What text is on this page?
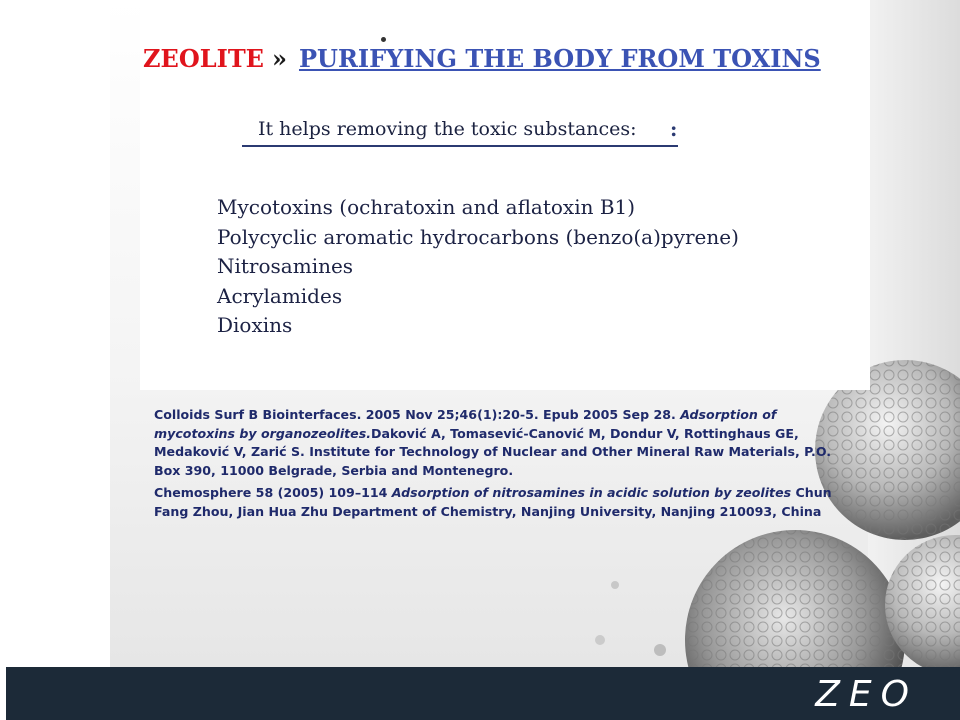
ZEOLITE » PURIFYING THE BODY FROM TOXINS
It helps removing the toxic substances:	:
Mycotoxins (ochratoxin and aflatoxin B1)
Polycyclic aromatic hydrocarbons (benzo(a)pyrene)
Nitrosamines
Acrylamides
Dioxins

Colloids Surf B Biointerfaces. 2005 Nov 25;46(1):20-5. Epub 2005 Sep 28. Adsorption of mycotoxins by organozeolites.Daković A, Tomasević-Canović M, Dondur V, Rottinghaus GE, Medaković V, Zarić S. Institute for Technology of Nuclear and Other Mineral Raw Materials, P.O. Box 390, 11000 Belgrade, Serbia and Montenegro.

Chemosphere 58 (2005) 109–114 Adsorption of nitrosamines in acidic solution by zeolites Chun Fang Zhou, Jian Hua Zhu Department of Chemistry, Nanjing University, Nanjing 210093, China

ZEO
